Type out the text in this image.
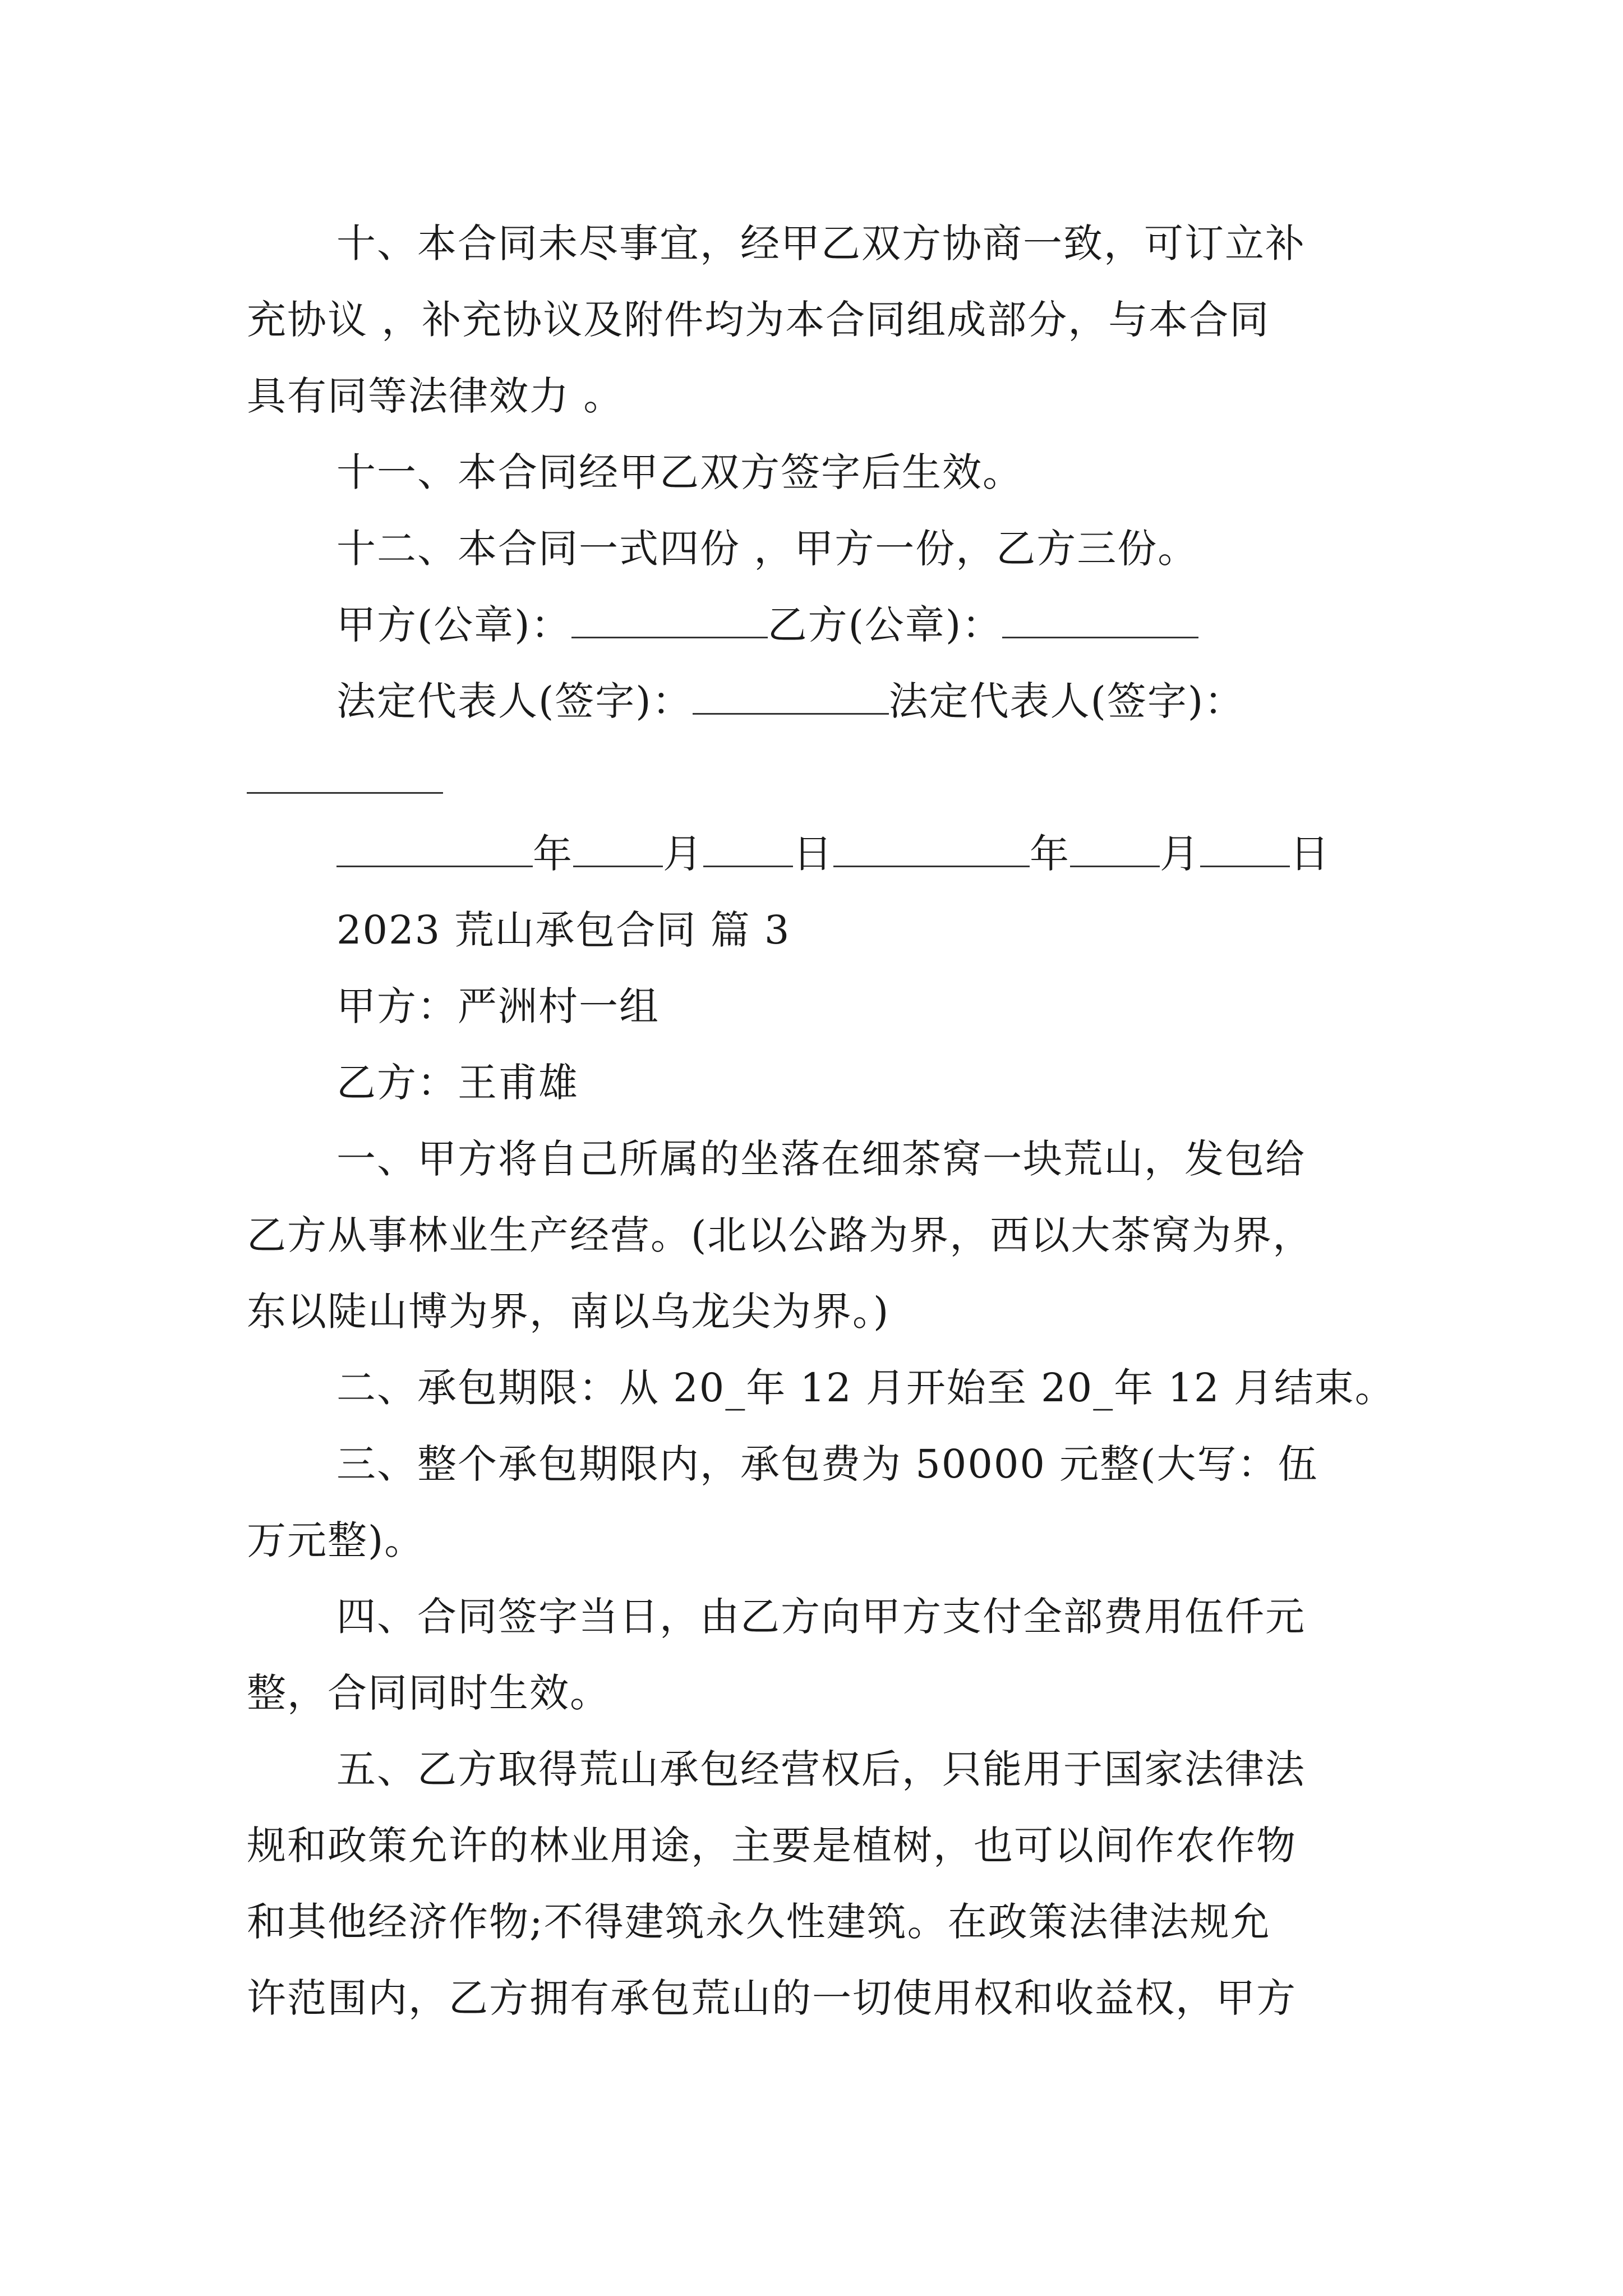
十、本合同未尽事宜，经甲乙双方协商一致，可订立补
充协议 ，补充协议及附件均为本合同组成部分，与本合同
具有同等法律效力 。
十一、本合同经甲乙双方签字后生效。
十二、本合同一式四份 ，甲方一份，乙方三份。
甲方(公章)：	乙方(公章)：
法定代表人(签字)：	法定代表人(签字)：
年 月 日	年 月 日
2023 荒山承包合同 篇 3
甲方：严洲村一组
乙方：王甫雄
一、甲方将自己所属的坐落在细茶窝一块荒山，发包给
乙方从事林业生产经营。(北以公路为界，西以大茶窝为界，
东以陡山博为界，南以乌龙尖为界。)
二、承包期限：从 20_年 12 月开始至 20_年 12 月结束。
三、整个承包期限内，承包费为 50000 元整(大写：伍
万元整)。
四、合同签字当日，由乙方向甲方支付全部费用伍仟元
整，合同同时生效。
五、乙方取得荒山承包经营权后，只能用于国家法律法
规和政策允许的林业用途，主要是植树，也可以间作农作物
和其他经济作物;不得建筑永久性建筑。在政策法律法规允
许范围内，乙方拥有承包荒山的一切使用权和收益权，甲方
